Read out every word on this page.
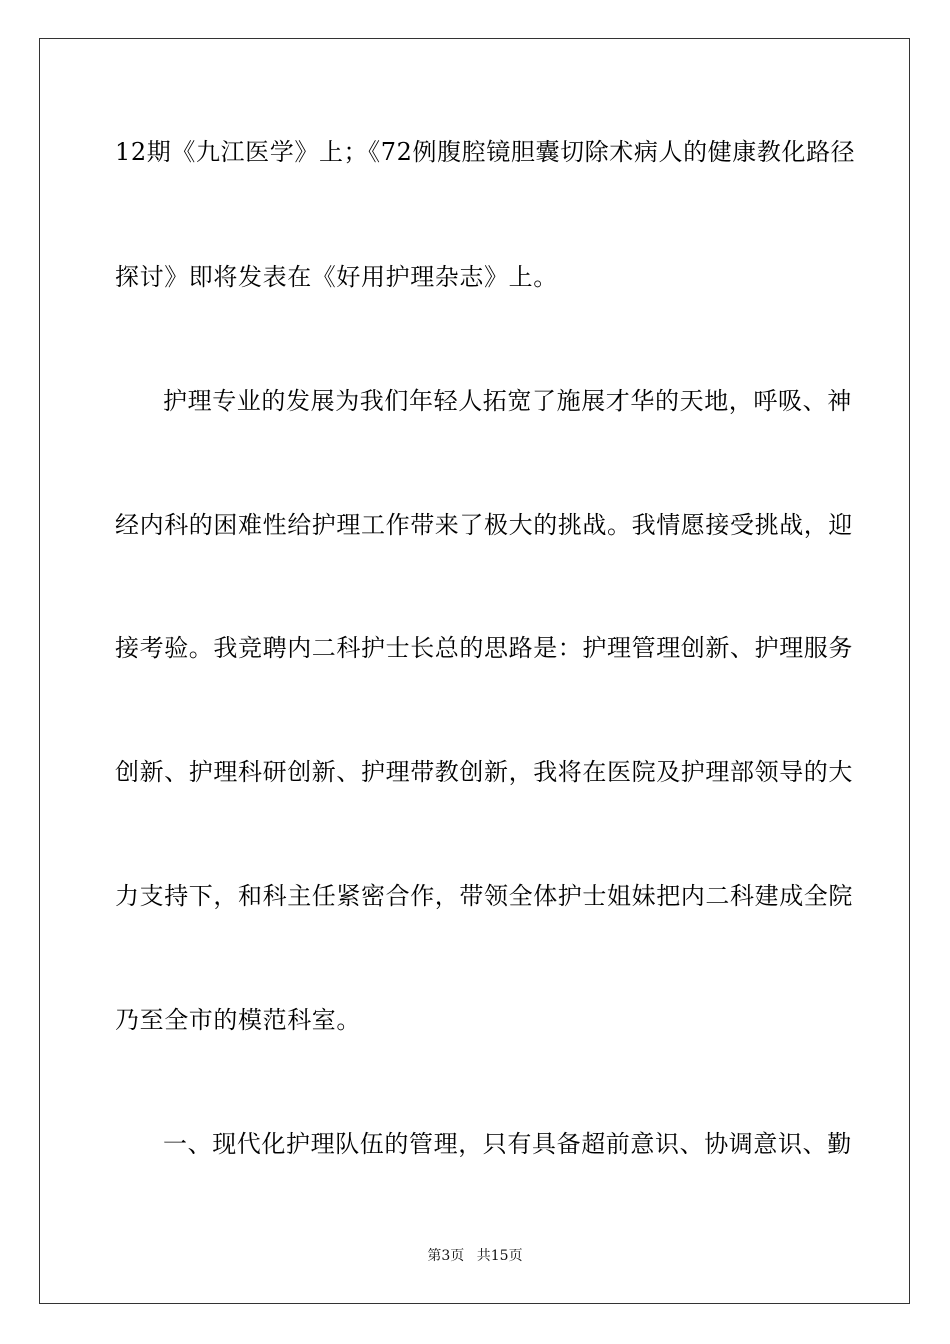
12期《九江医学》上；《72例腹腔镜胆囊切除术病人的健康教化路径
探讨》即将发表在《好用护理杂志》上。
护理专业的发展为我们年轻人拓宽了施展才华的天地，呼吸、神
经内科的困难性给护理工作带来了极大的挑战。我情愿接受挑战，迎
接考验。我竞聘内二科护士长总的思路是：护理管理创新、护理服务
创新、护理科研创新、护理带教创新，我将在医院及护理部领导的大
力支持下，和科主任紧密合作，带领全体护士姐妹把内二科建成全院
乃至全市的模范科室。
一、现代化护理队伍的管理，只有具备超前意识、协调意识、勤
第3页 共15页
